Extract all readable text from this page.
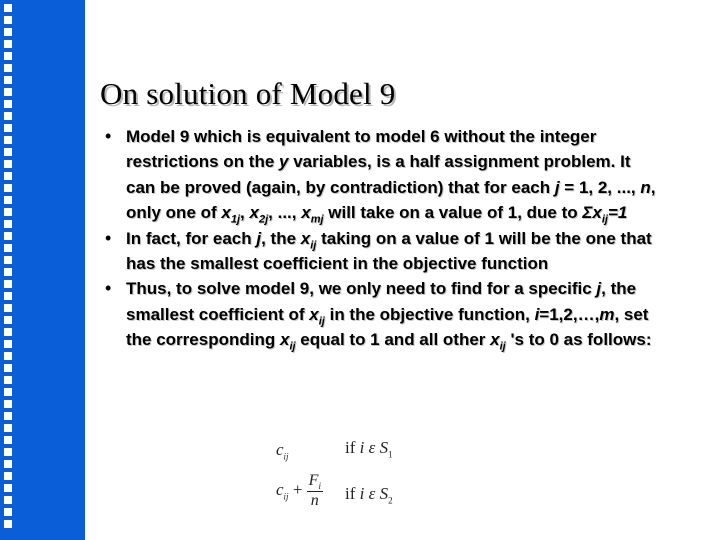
On solution of Model 9
• Model 9 which is equivalent to model 6 without the integer restrictions on the y variables, is a half assignment problem. It can be proved (again, by contradiction) that for each j = 1, 2, ..., n, only one of $x_{1j}$, $x_{2j}$, ..., $x_{mj}$ will take on a value of 1, due to $\Sigma x_{ij}=1$
• In fact, for each j, the $x_{ij}$ taking on a value of 1 will be the one that has the smallest coefficient in the objective function
• Thus, to solve model 9, we only need to find for a specific j, the smallest coefficient of $x_{ij}$ in the objective function, i=1,2,…,m, set the corresponding $x_{ij}$ equal to 1 and all other $x_{ij}$ 's to 0 as follows:
$c_{ij}$	if i ε $S_1$
$c_{ij} + \frac{F_i}{n}$ if i ε $S_2$
